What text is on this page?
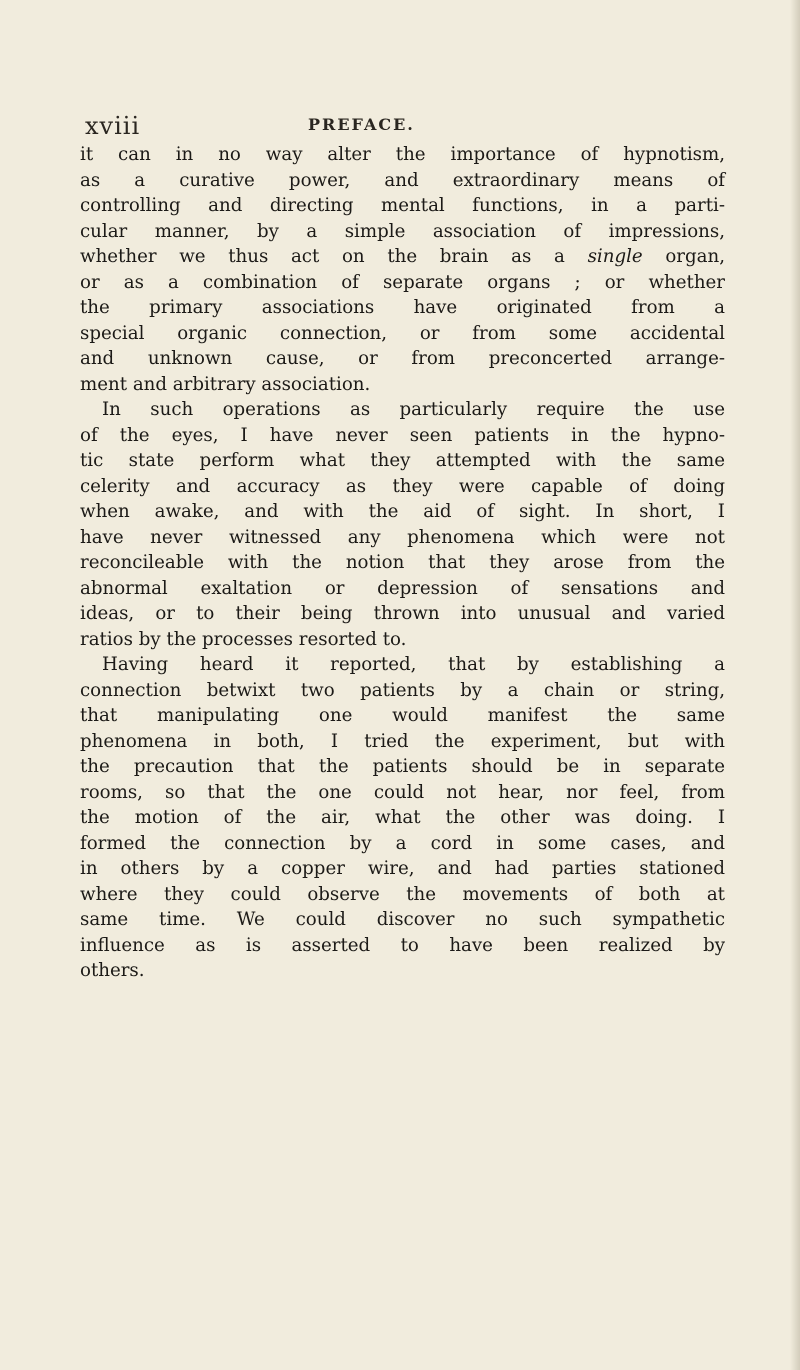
xviii	PREFACE.
it can in no way alter the importance of hypnotism,
as a curative power, and extraordinary means of
controlling and directing mental functions, in a parti-
cular manner, by a simple association of impressions,
whether we thus act on the brain as a single organ,
or as a combination of separate organs ; or whether
the primary associations have originated from a
special organic connection, or from some accidental
and unknown cause, or from preconcerted arrange-
ment and arbitrary association.
In such operations as particularly require the use
of the eyes, I have never seen patients in the hypno-
tic state perform what they attempted with the same
celerity and accuracy as they were capable of doing
when awake, and with the aid of sight. In short, I
have never witnessed any phenomena which were not
reconcileable with the notion that they arose from the
abnormal exaltation or depression of sensations and
ideas, or to their being thrown into unusual and varied
ratios by the processes resorted to.
Having heard it reported, that by establishing a
connection betwixt two patients by a chain or string,
that manipulating one would manifest the same
phenomena in both, I tried the experiment, but with
the precaution that the patients should be in separate
rooms, so that the one could not hear, nor feel, from
the motion of the air, what the other was doing. I
formed the connection by a cord in some cases, and
in others by a copper wire, and had parties stationed
where they could observe the movements of both at
same time. We could discover no such sympathetic
influence as is asserted to have been realized by
others.
